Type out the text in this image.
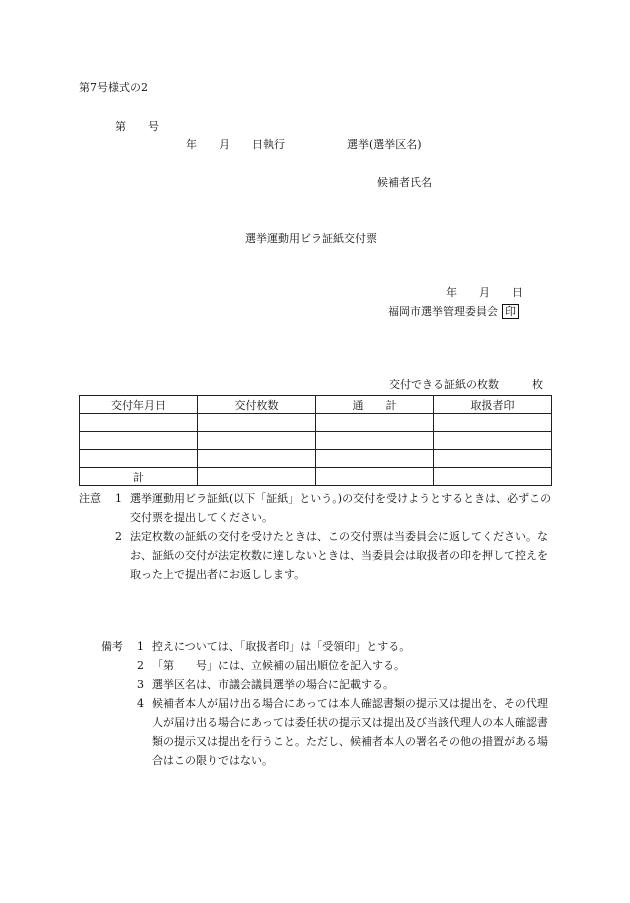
第7号様式の2
第　　号
年　　月　　日執行	選挙(選挙区名)
候補者氏名
選挙運動用ビラ証紙交付票
年　　月　　日
福岡市選挙管理委員会 印
交付できる証紙の枚数　　　枚
交付年月日	交付枚数	通　　計	取扱者印

計			
注意 1 選挙運動用ビラ証紙(以下「証紙」という。)の交付を受けようとするときは、必ずこの交付票を提出してください。
2 法定枚数の証紙の交付を受けたときは、この交付票は当委員会に返してください。なお、証紙の交付が法定枚数に達しないときは、当委員会は取扱者の印を押して控えを取った上で提出者にお返しします。
備考 1 控えについては、「取扱者印」は「受領印」とする。
2 「第　　号」には、立候補の届出順位を記入する。
3 選挙区名は、市議会議員選挙の場合に記載する。
4 候補者本人が届け出る場合にあっては本人確認書類の提示又は提出を、その代理人が届け出る場合にあっては委任状の提示又は提出及び当該代理人の本人確認書類の提示又は提出を行うこと。ただし、候補者本人の署名その他の措置がある場合はこの限りではない。
